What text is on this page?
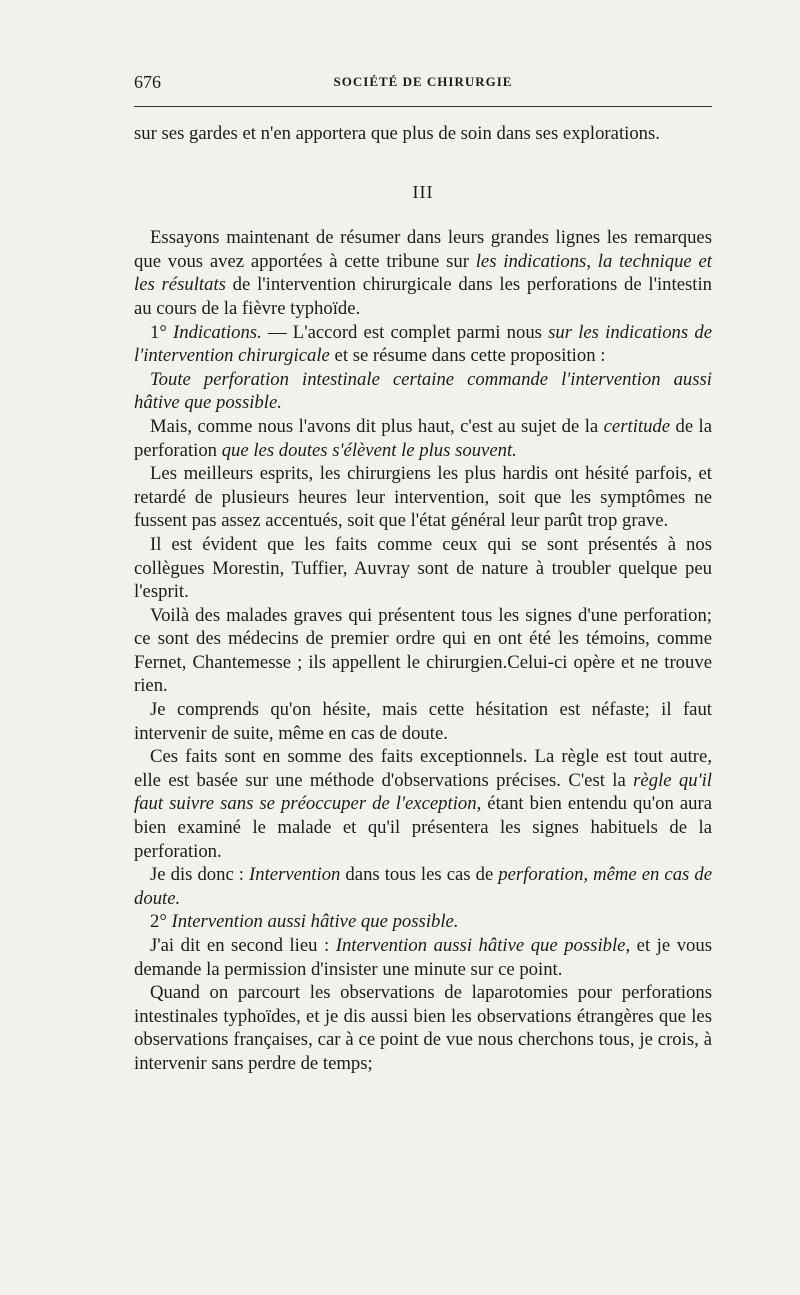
676	SOCIÉTÉ DE CHIRURGIE

sur ses gardes et n'en apportera que plus de soin dans ses explorations.

III

Essayons maintenant de résumer dans leurs grandes lignes les remarques que vous avez apportées à cette tribune sur les indications, la technique et les résultats de l'intervention chirurgicale dans les perforations de l'intestin au cours de la fièvre typhoïde.

1° Indications. — L'accord est complet parmi nous sur les indications de l'intervention chirurgicale et se résume dans cette proposition :

Toute perforation intestinale certaine commande l'intervention aussi hâtive que possible.

Mais, comme nous l'avons dit plus haut, c'est au sujet de la certitude de la perforation que les doutes s'élèvent le plus souvent.

Les meilleurs esprits, les chirurgiens les plus hardis ont hésité parfois, et retardé de plusieurs heures leur intervention, soit que les symptômes ne fussent pas assez accentués, soit que l'état général leur parût trop grave.

Il est évident que les faits comme ceux qui se sont présentés à nos collègues Morestin, Tuffier, Auvray sont de nature à troubler quelque peu l'esprit.

Voilà des malades graves qui présentent tous les signes d'une perforation; ce sont des médecins de premier ordre qui en ont été les témoins, comme Fernet, Chantemesse ; ils appellent le chirurgien.Celui-ci opère et ne trouve rien.

Je comprends qu'on hésite, mais cette hésitation est néfaste; il faut intervenir de suite, même en cas de doute.

Ces faits sont en somme des faits exceptionnels. La règle est tout autre, elle est basée sur une méthode d'observations précises. C'est la règle qu'il faut suivre sans se préoccuper de l'exception, étant bien entendu qu'on aura bien examiné le malade et qu'il présentera les signes habituels de la perforation.

Je dis donc : Intervention dans tous les cas de perforation, même en cas de doute.

2° Intervention aussi hâtive que possible.

J'ai dit en second lieu : Intervention aussi hâtive que possible, et je vous demande la permission d'insister une minute sur ce point.

Quand on parcourt les observations de laparotomies pour perforations intestinales typhoïdes, et je dis aussi bien les observations étrangères que les observations françaises, car à ce point de vue nous cherchons tous, je crois, à intervenir sans perdre de temps;
